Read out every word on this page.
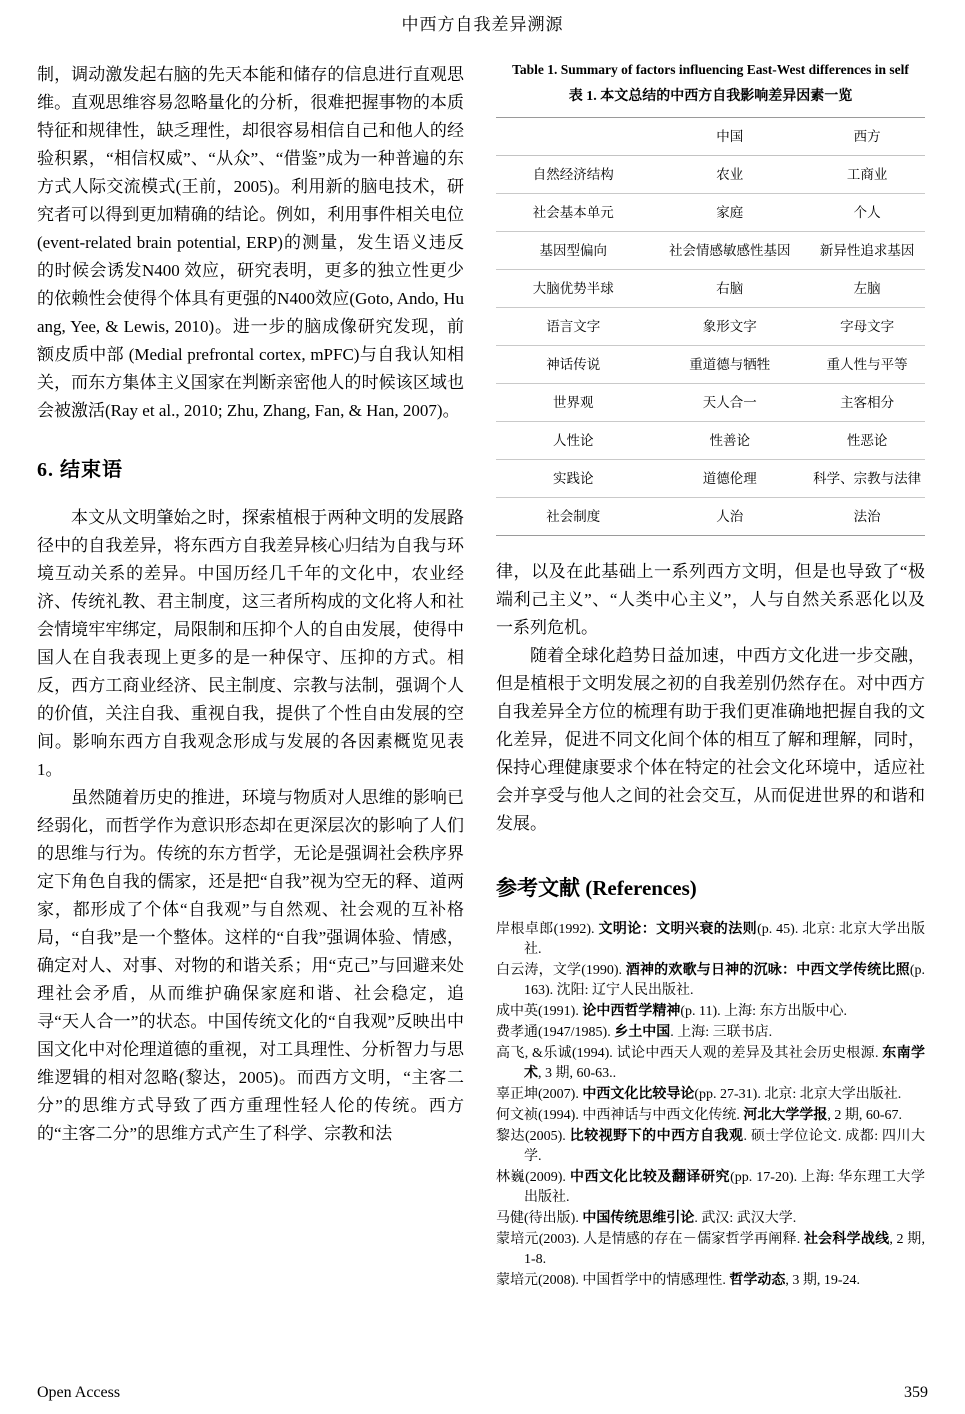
中西方自我差异溯源

制，调动激发起右脑的先天本能和储存的信息进行直观思维。直观思维容易忽略量化的分析，很难把握事物的本质特征和规律性，缺乏理性，却很容易相信自己和他人的经验积累，“相信权威”、“从众”、“借鉴”成为一种普遍的东方式人际交流模式(王前，2005)。利用新的脑电技术，研究者可以得到更加精确的结论。例如，利用事件相关电位(event-related brain potential, ERP)的测量，发生语义违反的时候会诱发N400 效应，研究表明，更多的独立性更少的依赖性会使得个体具有更强的N400效应(Goto, Ando, Huang, Yee, & Lewis, 2010)。进一步的脑成像研究发现，前额皮质中部 (Medial prefrontal cortex, mPFC)与自我认知相关，而东方集体主义国家在判断亲密他人的时候该区域也会被激活(Ray et al., 2010; Zhu, Zhang, Fan, & Han, 2007)。

6. 结束语

本文从文明肇始之时，探索植根于两种文明的发展路径中的自我差异，将东西方自我差异核心归结为自我与环境互动关系的差异。中国历经几千年的文化中，农业经济、传统礼教、君主制度，这三者所构成的文化将人和社会情境牢牢绑定，局限制和压抑个人的自由发展，使得中国人在自我表现上更多的是一种保守、压抑的方式。相反，西方工商业经济、民主制度、宗教与法制，强调个人的价值，关注自我、重视自我，提供了个性自由发展的空间。影响东西方自我观念形成与发展的各因素概览见表 1。

虽然随着历史的推进，环境与物质对人思维的影响已经弱化，而哲学作为意识形态却在更深层次的影响了人们的思维与行为。传统的东方哲学，无论是强调社会秩序界定下角色自我的儒家，还是把“自我”视为空无的释、道两家，都形成了个体“自我观”与自然观、社会观的互补格局，“自我”是一个整体。这样的“自我”强调体验、情感，确定对人、对事、对物的和谐关系；用“克己”与回避来处理社会矛盾，从而维护确保家庭和谐、社会稳定，追寻“天人合一”的状态。中国传统文化的“自我观”反映出中国文化中对伦理道德的重视，对工具理性、分析智力与思维逻辑的相对忽略(黎达，2005)。而西方文明，“主客二分”的思维方式导致了西方重理性轻人伦的传统。西方的“主客二分”的思维方式产生了科学、宗教和法

Table 1. Summary of factors influencing East-West differences in self
表 1. 本文总结的中西方自我影响差异因素一览
	中国	西方
自然经济结构	农业	工商业
社会基本单元	家庭	个人
基因型偏向	社会情感敏感性基因	新异性追求基因
大脑优势半球	右脑	左脑
语言文字	象形文字	字母文字
神话传说	重道德与牺牲	重人性与平等
世界观	天人合一	主客相分
人性论	性善论	性恶论
实践论	道德伦理	科学、宗教与法律
社会制度	人治	法治

律，以及在此基础上一系列西方文明，但是也导致了“极端利己主义”、“人类中心主义”，人与自然关系恶化以及一系列危机。

随着全球化趋势日益加速，中西方文化进一步交融，但是植根于文明发展之初的自我差别仍然存在。对中西方自我差异全方位的梳理有助于我们更准确地把握自我的文化差异，促进不同文化间个体的相互了解和理解，同时，保持心理健康要求个体在特定的社会文化环境中，适应社会并享受与他人之间的社会交互，从而促进世界的和谐和发展。

参考文献 (References)

岸根卓郎(1992). 文明论：文明兴衰的法则(p. 45). 北京: 北京大学出版社.

白云涛，文学(1990). 酒神的欢歌与日神的沉咏：中西文学传统比照(p. 163). 沈阳: 辽宁人民出版社.

成中英(1991). 论中西哲学精神(p. 11). 上海: 东方出版中心.

费孝通(1947/1985). 乡土中国. 上海: 三联书店.

高飞, &乐诚(1994). 试论中西天人观的差异及其社会历史根源. 东南学术, 3 期, 60-63..

辜正坤(2007). 中西文化比较导论(pp. 27-31). 北京: 北京大学出版社.

何文祯(1994). 中西神话与中西文化传统. 河北大学学报, 2 期, 60-67.

黎达(2005). 比较视野下的中西方自我观. 硕士学位论文. 成都: 四川大学.

林巍(2009). 中西文化比较及翻译研究(pp. 17-20). 上海: 华东理工大学出版社.

马健(待出版). 中国传统思维引论. 武汉: 武汉大学.

蒙培元(2003). 人是情感的存在－儒家哲学再阐释. 社会科学战线, 2 期, 1-8.

蒙培元(2008). 中国哲学中的情感理性. 哲学动态, 3 期, 19-24.

Open Access	359
